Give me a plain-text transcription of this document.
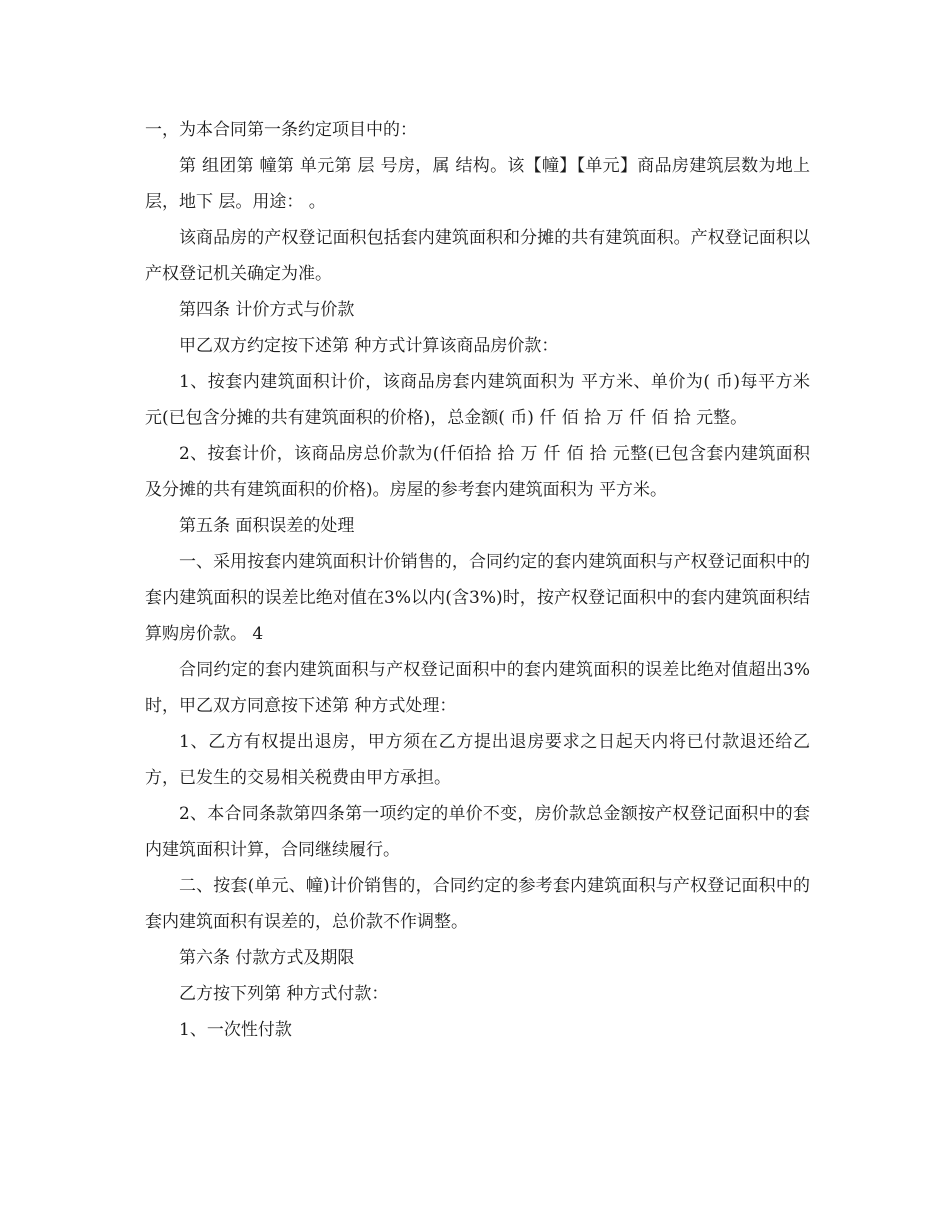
一，为本合同第一条约定项目中的：

第 组团第 幢第 单元第 层 号房，属 结构。该【幢】【单元】商品房建筑层数为地上 层，地下 层。用途： 。

该商品房的产权登记面积包括套内建筑面积和分摊的共有建筑面积。产权登记面积以产权登记机关确定为准。

第四条 计价方式与价款

甲乙双方约定按下述第 种方式计算该商品房价款：

1、按套内建筑面积计价，该商品房套内建筑面积为 平方米、单价为( 币)每平方米 元(已包含分摊的共有建筑面积的价格)，总金额( 币) 仟 佰 拾 万 仟 佰 拾 元整。

2、按套计价，该商品房总价款为(仟佰拾 拾 万 仟 佰 拾 元整(已包含套内建筑面积及分摊的共有建筑面积的价格)。房屋的参考套内建筑面积为 平方米。

第五条 面积误差的处理

一、采用按套内建筑面积计价销售的，合同约定的套内建筑面积与产权登记面积中的套内建筑面积的误差比绝对值在3%以内(含3%)时，按产权登记面积中的套内建筑面积结算购房价款。 4

合同约定的套内建筑面积与产权登记面积中的套内建筑面积的误差比绝对值超出3%时，甲乙双方同意按下述第 种方式处理：

1、乙方有权提出退房，甲方须在乙方提出退房要求之日起天内将已付款退还给乙方，已发生的交易相关税费由甲方承担。

2、本合同条款第四条第一项约定的单价不变，房价款总金额按产权登记面积中的套内建筑面积计算，合同继续履行。

二、按套(单元、幢)计价销售的，合同约定的参考套内建筑面积与产权登记面积中的套内建筑面积有误差的，总价款不作调整。

第六条 付款方式及期限

乙方按下列第 种方式付款：

1、一次性付款
